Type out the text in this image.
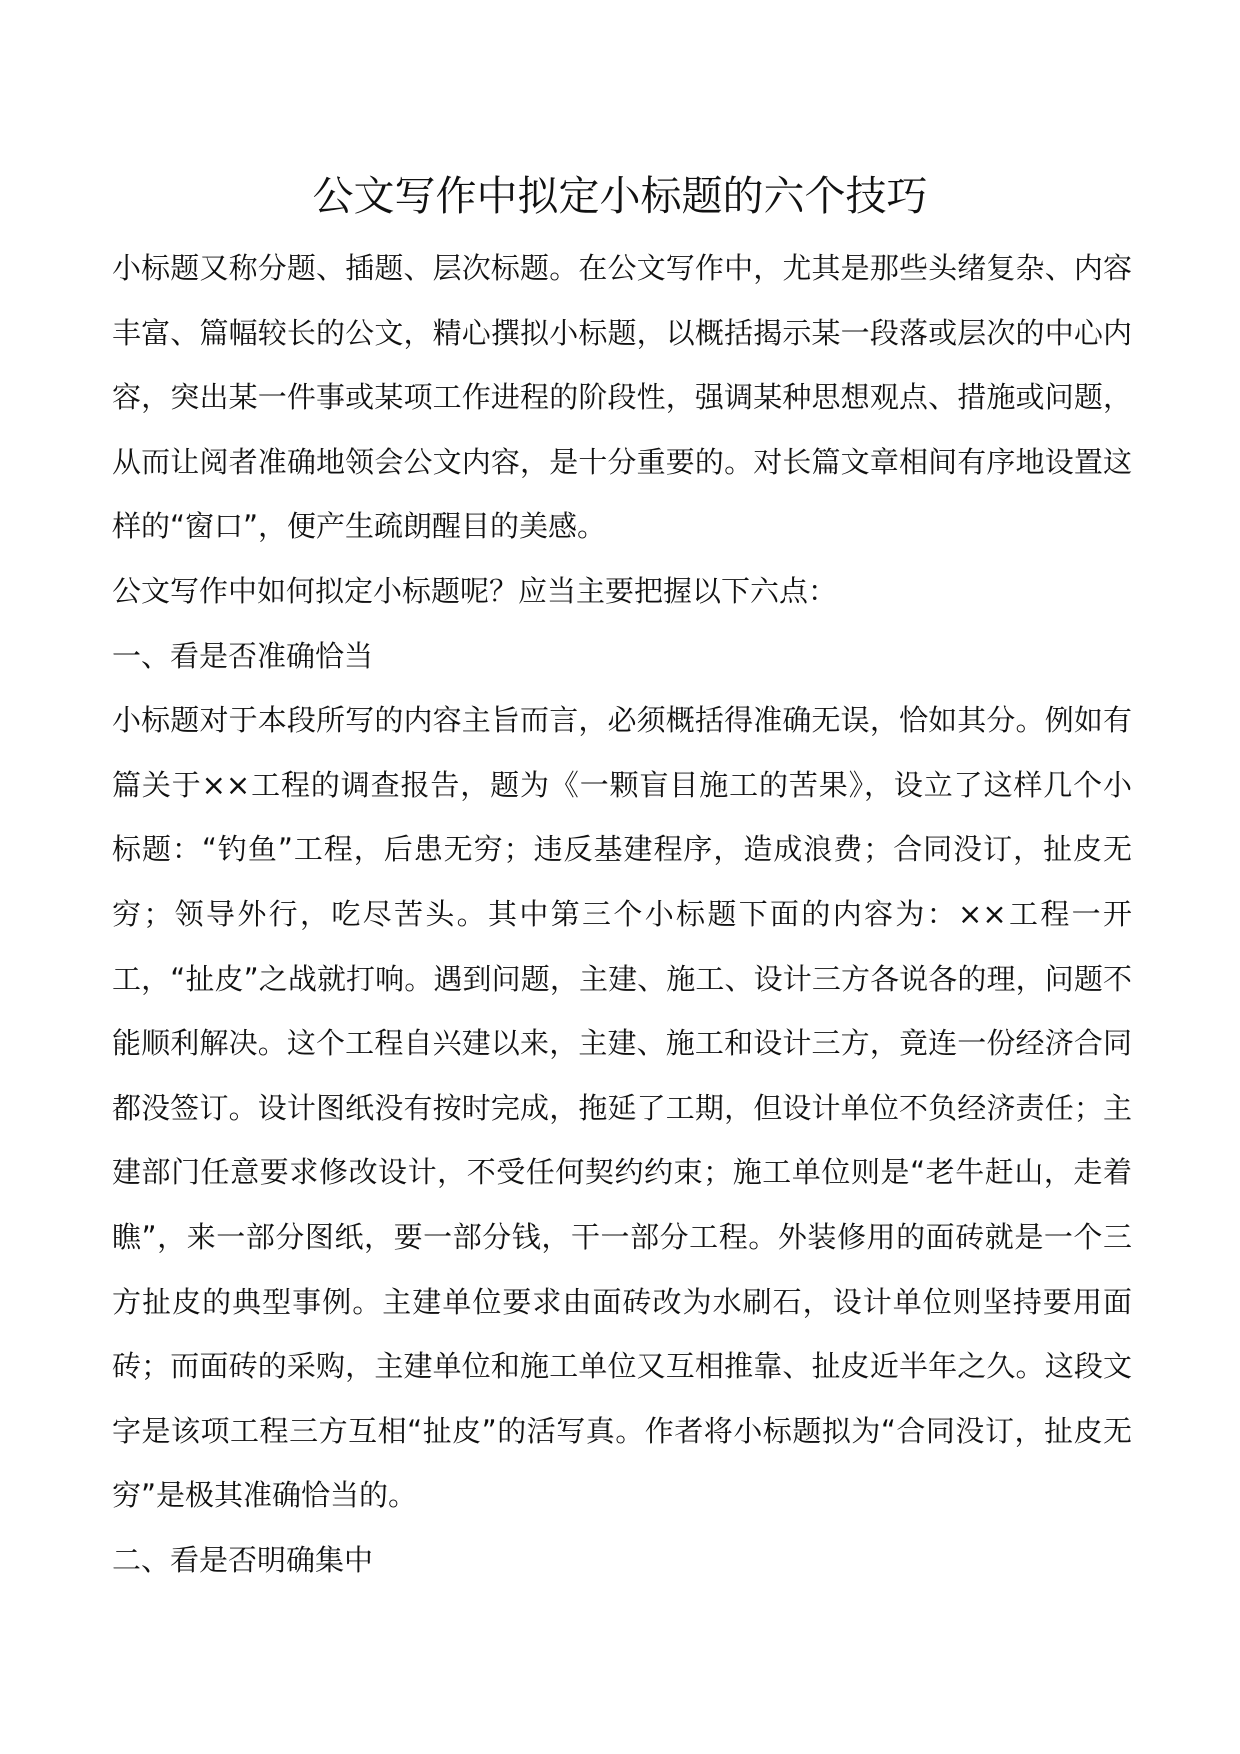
公文写作中拟定小标题的六个技巧

小标题又称分题、插题、层次标题。在公文写作中，尤其是那些头绪复杂、内容丰富、篇幅较长的公文，精心撰拟小标题，以概括揭示某一段落或层次的中心内容，突出某一件事或某项工作进程的阶段性，强调某种思想观点、措施或问题，从而让阅者准确地领会公文内容，是十分重要的。对长篇文章相间有序地设置这样的“窗口”，便产生疏朗醒目的美感。

公文写作中如何拟定小标题呢？应当主要把握以下六点：

一、看是否准确恰当

小标题对于本段所写的内容主旨而言，必须概括得准确无误，恰如其分。例如有篇关于××工程的调查报告，题为《一颗盲目施工的苦果》，设立了这样几个小标题：“钓鱼”工程，后患无穷；违反基建程序，造成浪费；合同没订，扯皮无穷；领导外行，吃尽苦头。其中第三个小标题下面的内容为：××工程一开工，“扯皮”之战就打响。遇到问题，主建、施工、设计三方各说各的理，问题不能顺利解决。这个工程自兴建以来，主建、施工和设计三方，竟连一份经济合同都没签订。设计图纸没有按时完成，拖延了工期，但设计单位不负经济责任；主建部门任意要求修改设计，不受任何契约约束；施工单位则是“老牛赶山，走着瞧”，来一部分图纸，要一部分钱，干一部分工程。外装修用的面砖就是一个三方扯皮的典型事例。主建单位要求由面砖改为水刷石，设计单位则坚持要用面砖；而面砖的采购，主建单位和施工单位又互相推靠、扯皮近半年之久。这段文字是该项工程三方互相“扯皮”的活写真。作者将小标题拟为“合同没订，扯皮无穷”是极其准确恰当的。

二、看是否明确集中
